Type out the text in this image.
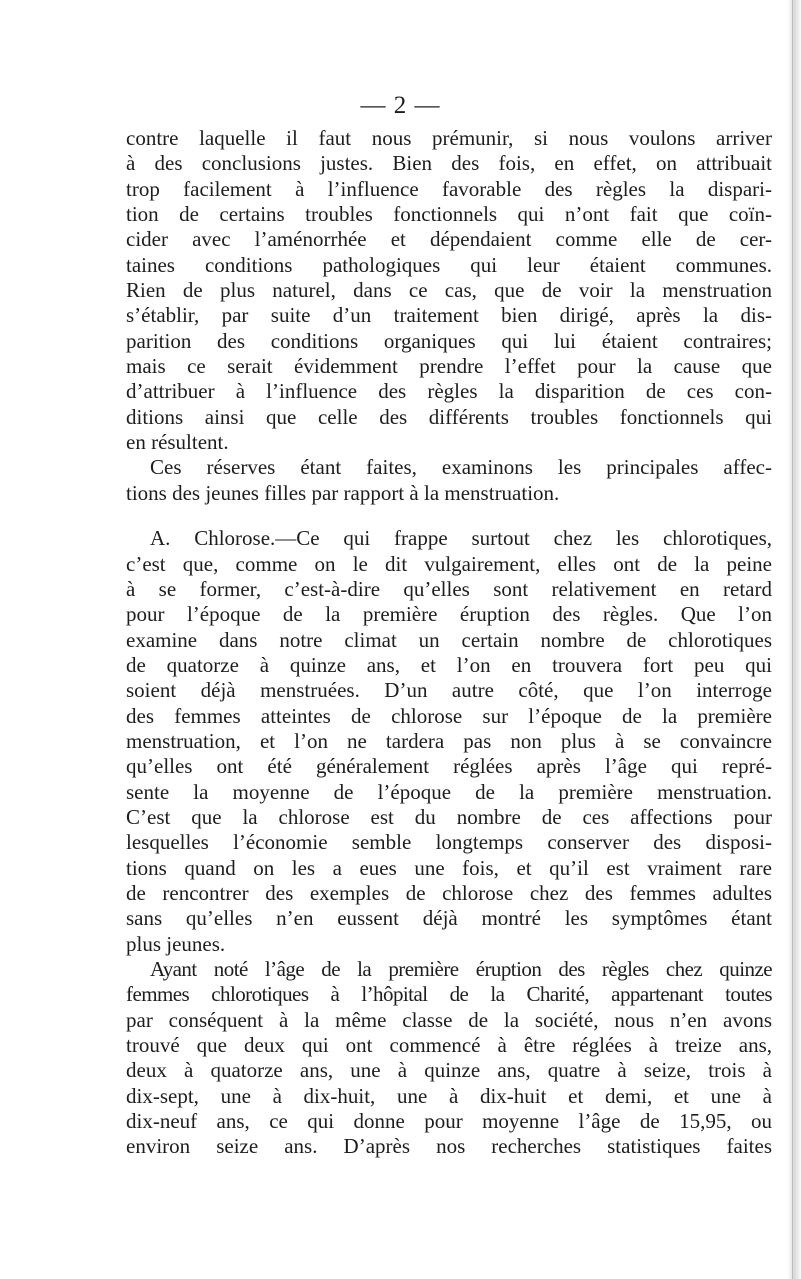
— 2 —
contre laquelle il faut nous prémunir, si nous voulons arriver
à des conclusions justes. Bien des fois, en effet, on attribuait
trop facilement à l’influence favorable des règles la dispari-
tion de certains troubles fonctionnels qui n’ont fait que coïn-
cider avec l’aménorrhée et dépendaient comme elle de cer-
taines conditions pathologiques qui leur étaient communes.
Rien de plus naturel, dans ce cas, que de voir la menstruation
s’établir, par suite d’un traitement bien dirigé, après la dis-
parition des conditions organiques qui lui étaient contraires;
mais ce serait évidemment prendre l’effet pour la cause que
d’attribuer à l’influence des règles la disparition de ces con-
ditions ainsi que celle des différents troubles fonctionnels qui
en résultent.
Ces réserves étant faites, examinons les principales affec-
tions des jeunes filles par rapport à la menstruation.
A. Chlorose.—Ce qui frappe surtout chez les chlorotiques,
c’est que, comme on le dit vulgairement, elles ont de la peine
à se former, c’est-à-dire qu’elles sont relativement en retard
pour l’époque de la première éruption des règles. Que l’on
examine dans notre climat un certain nombre de chlorotiques
de quatorze à quinze ans, et l’on en trouvera fort peu qui
soient déjà menstruées. D’un autre côté, que l’on interroge
des femmes atteintes de chlorose sur l’époque de la première
menstruation, et l’on ne tardera pas non plus à se convaincre
qu’elles ont été généralement réglées après l’âge qui repré-
sente la moyenne de l’époque de la première menstruation.
C’est que la chlorose est du nombre de ces affections pour
lesquelles l’économie semble longtemps conserver des disposi-
tions quand on les a eues une fois, et qu’il est vraiment rare
de rencontrer des exemples de chlorose chez des femmes adultes
sans qu’elles n’en eussent déjà montré les symptômes étant
plus jeunes.
Ayant noté l’âge de la première éruption des règles chez quinze
femmes chlorotiques à l’hôpital de la Charité, appartenant toutes
par conséquent à la même classe de la société, nous n’en avons
trouvé que deux qui ont commencé à être réglées à treize ans,
deux à quatorze ans, une à quinze ans, quatre à seize, trois à
dix-sept, une à dix-huit, une à dix-huit et demi, et une à
dix-neuf ans, ce qui donne pour moyenne l’âge de 15,95, ou
environ seize ans. D’après nos recherches statistiques faites
